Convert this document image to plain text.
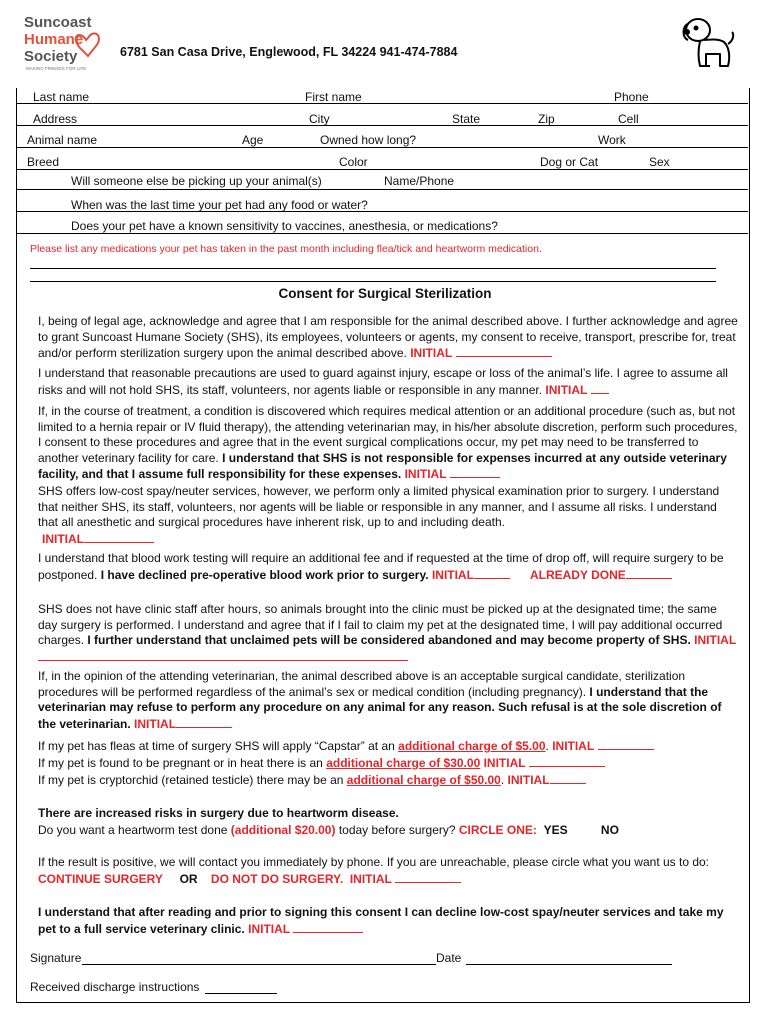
Suncoast
Humane
Society
MAKING FRIENDS FOR LIFE
6781 San Casa Drive, Englewood, FL 34224 941-474-7884
Last name	First name	Phone
Address	City	State	Zip	Cell
Animal name	Age	Owned how long?	Work
Breed	Color	Dog or Cat	Sex
Will someone else be picking up your animal(s)	Name/Phone
When was the last time your pet had any food or water?
Does your pet have a known sensitivity to vaccines, anesthesia, or medications?
Please list any medications your pet has taken in the past month including flea/tick and heartworm medication.
Consent for Surgical Sterilization
I, being of legal age, acknowledge and agree that I am responsible for the animal described above. I further acknowledge and agree to grant Suncoast Humane Society (SHS), its employees, volunteers or agents, my consent to receive, transport, prescribe for, treat and/or perform sterilization surgery upon the animal described above. INITIAL
I understand that reasonable precautions are used to guard against injury, escape or loss of the animal’s life. I agree to assume all risks and will not hold SHS, its staff, volunteers, nor agents liable or responsible in any manner. INITIAL
If, in the course of treatment, a condition is discovered which requires medical attention or an additional procedure (such as, but not limited to a hernia repair or IV fluid therapy), the attending veterinarian may, in his/her absolute discretion, perform such procedures, I consent to these procedures and agree that in the event surgical complications occur, my pet may need to be transferred to another veterinary facility for care. I understand that SHS is not responsible for expenses incurred at any outside veterinary facility, and that I assume full responsibility for these expenses. INITIAL
SHS offers low-cost spay/neuter services, however, we perform only a limited physical examination prior to surgery. I understand that neither SHS, its staff, volunteers, nor agents will be liable or responsible in any manner, and I assume all risks. I understand that all anesthetic and surgical procedures have inherent risk, up to and including death.
INITIAL
I understand that blood work testing will require an additional fee and if requested at the time of drop off, will require surgery to be postponed. I have declined pre-operative blood work prior to surgery. INITIAL	ALREADY DONE
SHS does not have clinic staff after hours, so animals brought into the clinic must be picked up at the designated time; the same day surgery is performed. I understand and agree that if I fail to claim my pet at the designated time, I will pay additional occurred charges. I further understand that unclaimed pets will be considered abandoned and may become property of SHS. INITIAL
If, in the opinion of the attending veterinarian, the animal described above is an acceptable surgical candidate, sterilization procedures will be performed regardless of the animal’s sex or medical condition (including pregnancy). I understand that the veterinarian may refuse to perform any procedure on any animal for any reason. Such refusal is at the sole discretion of the veterinarian. INITIAL
If my pet has fleas at time of surgery SHS will apply “Capstar” at an additional charge of $5.00. INITIAL
If my pet is found to be pregnant or in heat there is an additional charge of $30.00 INITIAL
If my pet is cryptorchid (retained testicle) there may be an additional charge of $50.00. INITIAL
There are increased risks in surgery due to heartworm disease.
Do you want a heartworm test done (additional $20.00) today before surgery? CIRCLE ONE: YES	NO
If the result is positive, we will contact you immediately by phone. If you are unreachable, please circle what you want us to do:  CONTINUE SURGERY OR DO NOT DO SURGERY. INITIAL
I understand that after reading and prior to signing this consent I can decline low-cost spay/neuter services and take my pet to a full service veterinary clinic. INITIAL
Signature	Date
Received discharge instructions
